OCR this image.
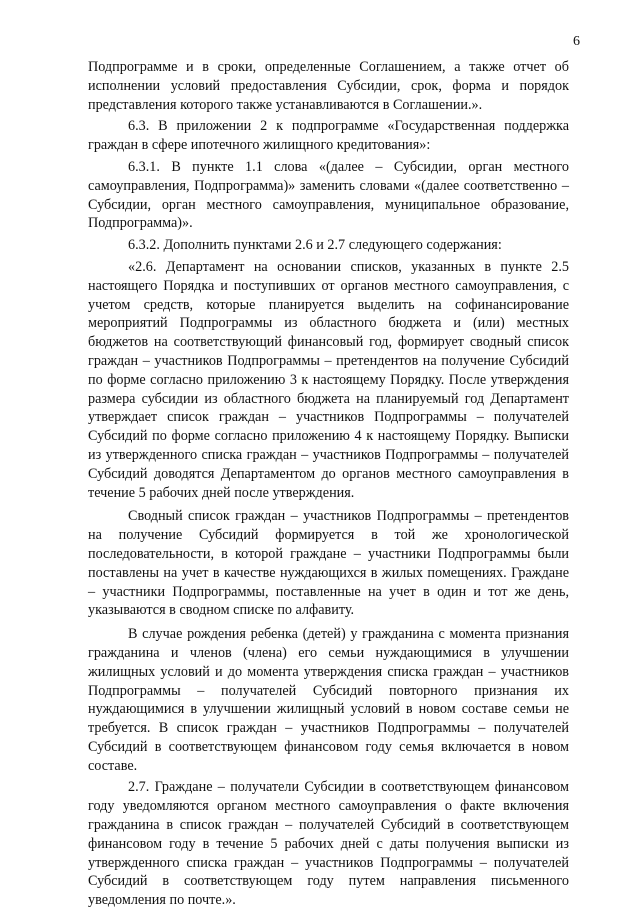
6

Подпрограмме и в сроки, определенные Соглашением, а также отчет об исполнении условий предоставления Субсидии, срок, форма и порядок представления которого также устанавливаются в Соглашении.».

6.3. В приложении 2 к подпрограмме «Государственная поддержка граждан в сфере ипотечного жилищного кредитования»:

6.3.1. В пункте 1.1 слова «(далее – Субсидии, орган местного самоуправления, Подпрограмма)» заменить словами «(далее соответственно – Субсидии, орган местного самоуправления, муниципальное образование, Подпрограмма)».

6.3.2. Дополнить пунктами 2.6 и 2.7 следующего содержания:

«2.6. Департамент на основании списков, указанных в пункте 2.5 настоящего Порядка и поступивших от органов местного самоуправления, с учетом средств, которые планируется выделить на софинансирование мероприятий Подпрограммы из областного бюджета и (или) местных бюджетов на соответствующий финансовый год, формирует сводный список граждан – участников Подпрограммы – претендентов на получение Субсидий по форме согласно приложению 3 к настоящему Порядку. После утверждения размера субсидии из областного бюджета на планируемый год Департамент утверждает список граждан – участников Подпрограммы – получателей Субсидий по форме согласно приложению 4 к настоящему Порядку. Выписки из утвержденного списка граждан – участников Подпрограммы – получателей Субсидий доводятся Департаментом до органов местного самоуправления в течение 5 рабочих дней после утверждения.

Сводный список граждан – участников Подпрограммы – претендентов на получение Субсидий формируется в той же хронологической последовательности, в которой граждане – участники Подпрограммы были поставлены на учет в качестве нуждающихся в жилых помещениях. Граждане – участники Подпрограммы, поставленные на учет в один и тот же день, указываются в сводном списке по алфавиту.

В случае рождения ребенка (детей) у гражданина с момента признания гражданина и членов (члена) его семьи нуждающимися в улучшении жилищных условий и до момента утверждения списка граждан – участников Подпрограммы – получателей Субсидий повторного признания их нуждающимися в улучшении жилищный условий в новом составе семьи не требуется. В список граждан – участников Подпрограммы – получателей Субсидий в соответствующем финансовом году семья включается в новом составе.

2.7. Граждане – получатели Субсидии в соответствующем финансовом году уведомляются органом местного самоуправления о факте включения гражданина в список граждан – получателей Субсидий в соответствующем финансовом году в течение 5 рабочих дней с даты получения выписки из утвержденного списка граждан – участников Подпрограммы – получателей Субсидий в соответствующем году путем направления письменного уведомления по почте.».
